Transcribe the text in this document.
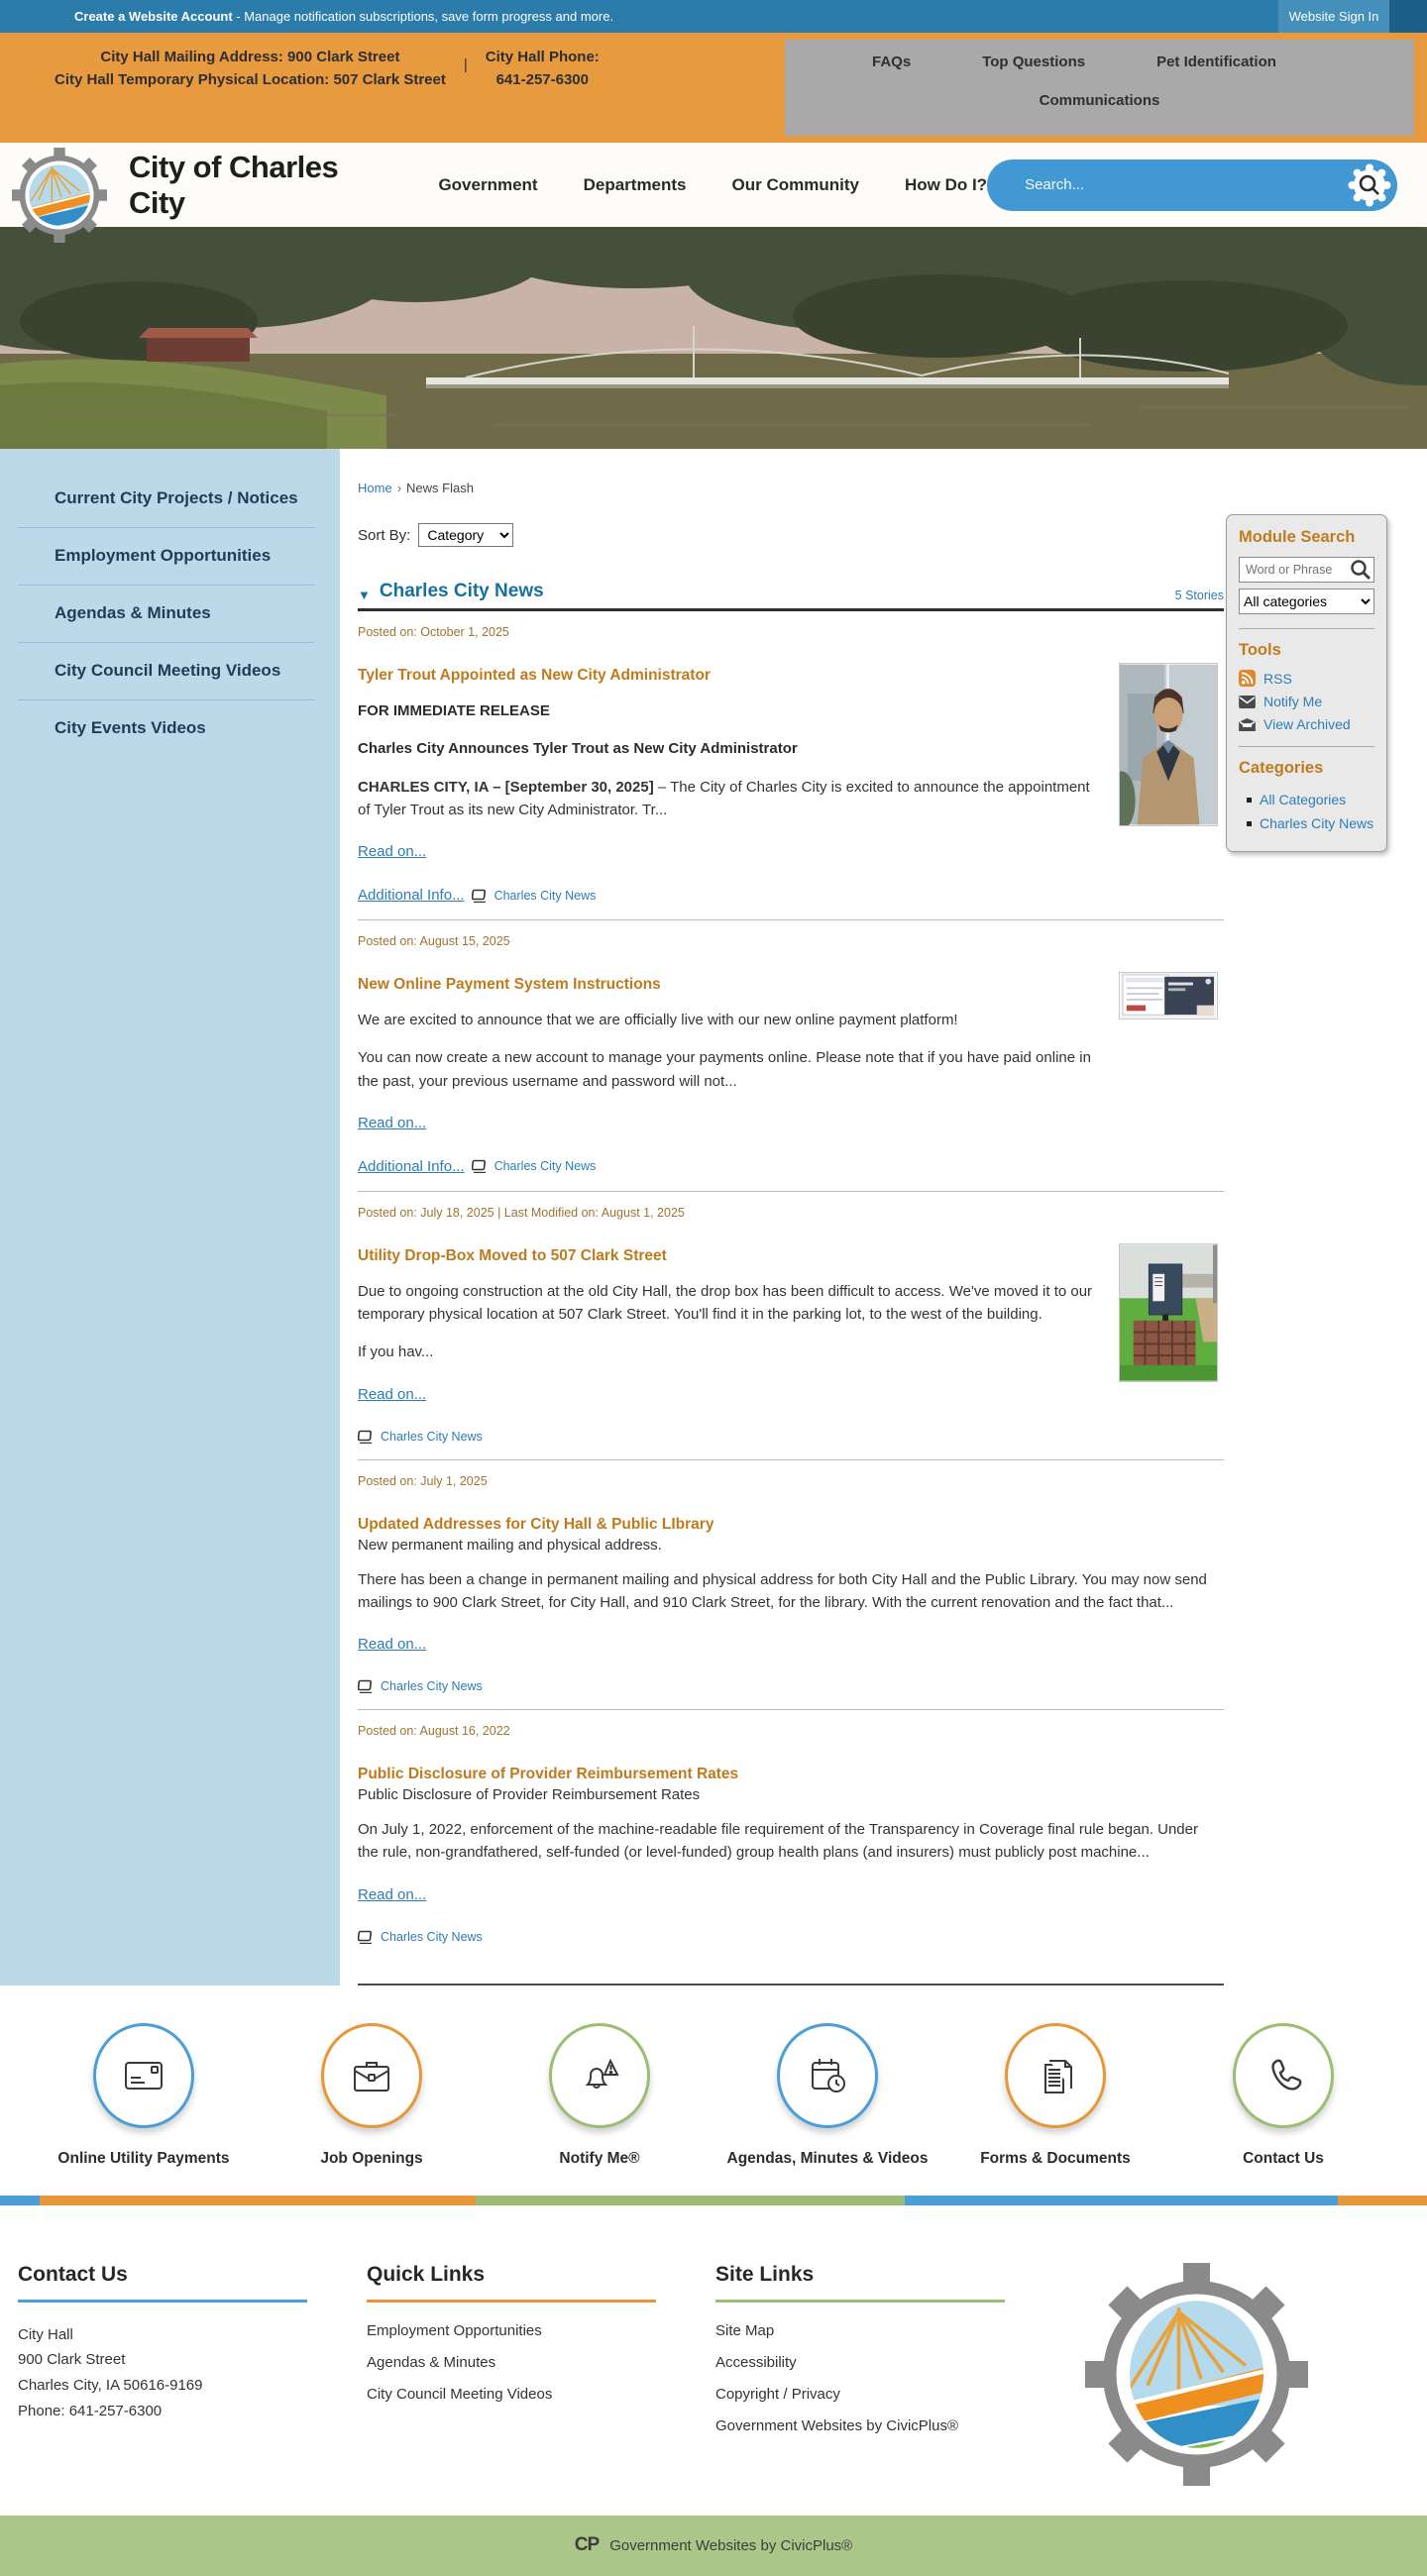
Create a Website Account - Manage notification subscriptions, save form progress and more.	Website Sign In
City Hall Mailing Address: 900 Clark Street
City Hall Temporary Physical Location: 507 Clark Street
| City Hall Phone:
641-257-6300
FAQs	Top Questions	Pet Identification
Communications
City of Charles City
Government	Departments	Our Community	How Do I?
Search...
Current City Projects / Notices
Employment Opportunities
Agendas & Minutes
City Council Meeting Videos
City Events Videos
Home › News Flash
Sort By:
Category	Module Search
Word or Phrase
All categories
Tools
RSS
Notify Me
View Archived
Categories
All Categories
Charles City News
▼ Charles City News	5 Stories
Posted on: October 1, 2025

Tyler Trout Appointed as New City Administrator

FOR IMMEDIATE RELEASE

Charles City Announces Tyler Trout as New City Administrator

CHARLES CITY, IA – [September 30, 2025] – The City of Charles City is excited to announce the appointment of Tyler Trout as its new City Administrator. Tr...

Read on...
Additional Info... Charles City News
Posted on: August 15, 2025

New Online Payment System Instructions

We are excited to announce that we are officially live with our new online payment platform!

You can now create a new account to manage your payments online. Please note that if you have paid online in the past, your previous username and password will not...

Read on...
Additional Info... Charles City News
Posted on: July 18, 2025 | Last Modified on: August 1, 2025

Utility Drop-Box Moved to 507 Clark Street

Due to ongoing construction at the old City Hall, the drop box has been difficult to access. We've moved it to our temporary physical location at 507 Clark Street. You'll find it in the parking lot, to the west of the building.

If you hav...

Read on...
Charles City News
Posted on: July 1, 2025

Updated Addresses for City Hall & Public LIbrary
New permanent mailing and physical address.

There has been a change in permanent mailing and physical address for both City Hall and the Public Library. You may now send mailings to 900 Clark Street, for City Hall, and 910 Clark Street, for the library. With the current renovation and the fact that...

Read on...
Charles City News
Posted on: August 16, 2022

Public Disclosure of Provider Reimbursement Rates
Public Disclosure of Provider Reimbursement Rates

On July 1, 2022, enforcement of the machine-readable file requirement of the Transparency in Coverage final rule began. Under the rule, non-grandfathered, self-funded (or level-funded) group health plans (and insurers) must publicly post machine...

Read on...
Charles City News
Online Utility Payments	Job Openings	Notify Me®	Agendas, Minutes & Videos	Forms & Documents	Contact Us
Contact Us
City Hall
900 Clark Street
Charles City, IA 50616-9169
Phone: 641-257-6300
Quick Links
Employment Opportunities
Agendas & Minutes
City Council Meeting Videos
Site Links
Site Map
Accessibility
Copyright / Privacy
Government Websites by CivicPlus®
CP Government Websites by CivicPlus®
